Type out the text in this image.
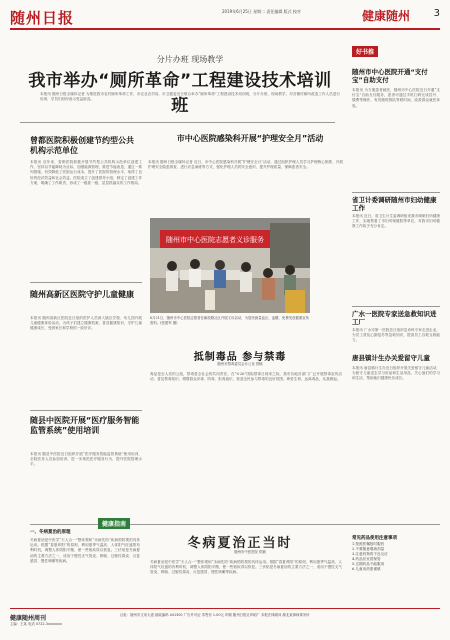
随州日报	2019年6月25日 星期二 责任编辑 版式 校对	健康随州 3
分片办班 现场教学
我市举办“厕所革命”工程建设技术培训班
本报讯 随州日报全媒体记者 为推进我市农村厕所革命工作，市农业农村局、市卫健委近日联合举办“厕所革命”工程建设技术培训班，分片办班、现场教学，对各镇村厕所改造工作人员进行培训，学员们纷纷表示受益匪浅。
曾都医院积极创建节约型公共机构示范单位
本报讯 近年来，曾都医院积极开展节约型公共机构示范单位创建工作，坚持以节能降耗为目标，加强能源管理，推进节能改造，通过一系列措施，有效降低了医院运行成本，提升了医院的管理水平，取得了良好的经济效益和社会效益。医院成立了创建领导小组，制定了创建工作方案，明确了工作职责，形成了一级抓一级、层层抓落实的工作格局。
随州高新区医院守护儿童健康
本报讯 随州高新区医院近日组织医护人员深入辖区学校、幼儿园开展儿童健康体检活动，为孩子们建立健康档案，普及健康知识，守护儿童健康成长，受到家长和学校的一致好评。
随县中医院开展“医疗服务智能监管系统”使用培训
本报讯 随县中医院近日组织开展“医疗服务智能监管系统”使用培训，全院医务人员参加培训，进一步规范医疗服务行为，提升医院管理水平。
市中心医院感染科开展“护理安全月”活动
本报讯 随州日报全媒体记者 近日，市中心医院感染科开展“护理安全月”活动，通过组织护理人员学习护理核心制度、开展护理安全隐患排查、进行应急演练等方式，强化护理人员的安全意识，提升护理质量，保障患者安全。
随州市中心医院志愿者义诊服务
6月21日，随州市中心医院志愿者在解放路社区开展义诊活动，为居民测量血压、血糖，免费发放健康宣传资料。(张建军 摄)
抵制毒品 参与禁毒
随州市禁毒委员会办公室 供稿
毒品是全人类的公敌，禁毒是全社会的共同责任。在“6·26”国际禁毒日到来之际，我市各地各部门广泛开展禁毒宣传活动，普及禁毒知识，增强群众识毒、防毒、拒毒意识，营造全民参与禁毒的良好氛围。珍爱生命，远离毒品，从我做起。
好书推
随州市中心医院开通“支付宝”自助支付
本报讯 为方便患者就医，随州市中心医院近日开通“支付宝”自助支付服务，患者可通过手机扫码完成挂号、缴费等操作，有效缩短排队等候时间，改善群众就医体验。
省卫计委调研随州市妇幼健康工作
本报讯 近日，省卫生计生委调研组来我市调研妇幼健康工作，实地察看了市妇幼保健院等单位，对我市妇幼健康工作给予充分肯定。
广水一医院专家送急救知识进工厂
本报讯 广水市第一医院近日组织急诊科专家走进企业，为员工普及心肺复苏等急救知识，提高员工自救互救能力。
唐县镇计生办关爱留守儿童
本报讯 唐县镇计生办近日组织开展关爱留守儿童活动，为留守儿童送去学习用品和生活用品，关心他们的学习和生活，帮助他们健康快乐成长。
健康指南
冬病夏治正当时
随州市中医医院 供稿
一、冬病夏治的原理
冬病夏治是中医学“天人合一”整体观和“未病先防”疾病预防观的具体运用。根据“春夏养阳”的原则，利用夏季气温高、人体阳气旺盛的有利时机，调整人体阴阳平衡，使一些宿疾得以恢复。三伏贴是冬病夏治的主要方法之一，适用于慢性支气管炎、哮喘、过敏性鼻炎、反复感冒、慢性咳嗽等疾病。	冬病夏治是中医学“天人合一”整体观和“未病先防”疾病预防观的具体运用。根据“春夏养阳”的原则，利用夏季气温高、人体阳气旺盛的有利时机，调整人体阴阳平衡，使一些宿疾得以恢复。三伏贴是冬病夏治的主要方法之一，适用于慢性支气管炎、哮喘、过敏性鼻炎、反复感冒、慢性咳嗽等疾病。
常见药品使用注意事项
1.按照医嘱按时服药
2.不要随意增减剂量
3.注意药物的不良反应
4.药品应妥善保管
5.过期药品不能服用
6.儿童用药需谨慎
健康随州周刊
主编：王某 电话 0722-3xxxxxxx
社址：随州市文帝大道 邮政编码 441300 广告许可证 零售价 1.00元 印刷 随州日报社印刷厂 本报法律顾问 湖北某律师事务所
